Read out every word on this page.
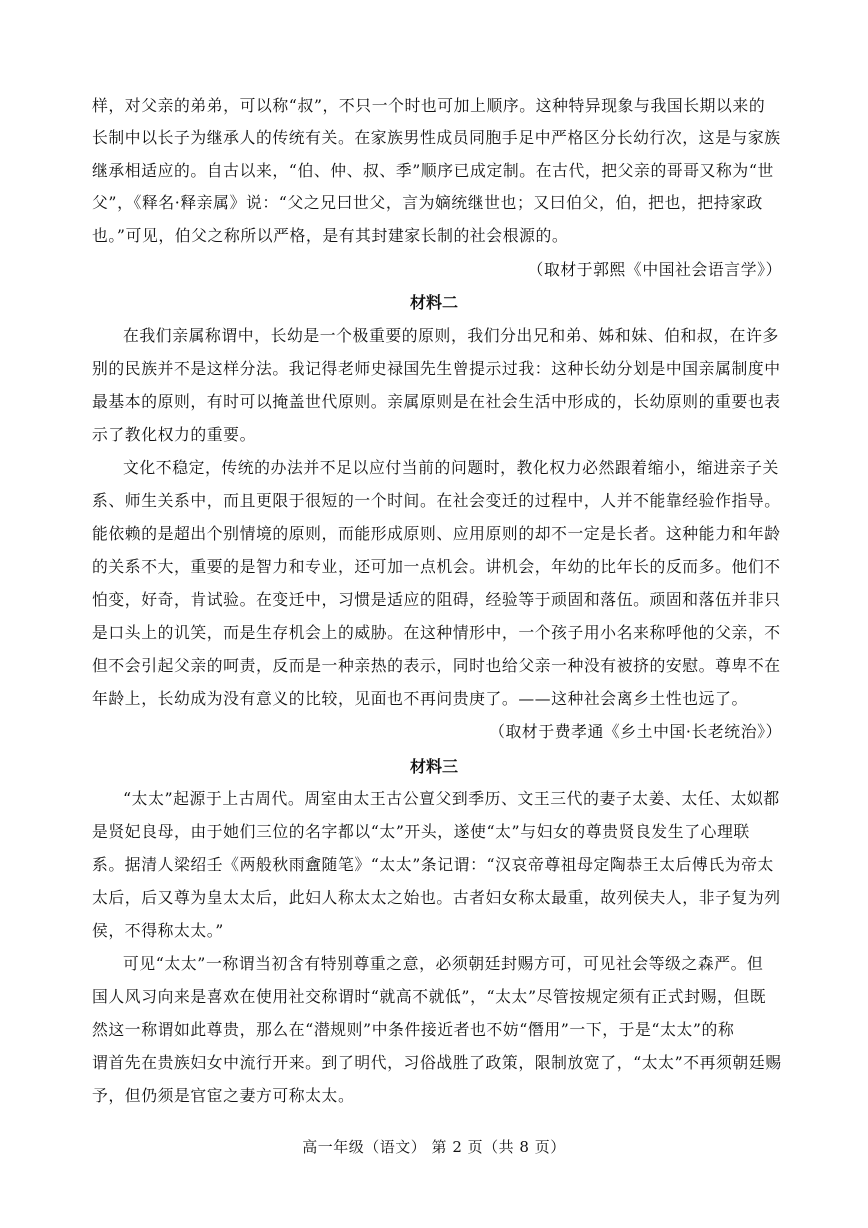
样，对父亲的弟弟，可以称“叔”，不只一个时也可加上顺序。这种特异现象与我国长期以来的
长制中以长子为继承人的传统有关。在家族男性成员同胞手足中严格区分长幼行次，这是与家族
继承相适应的。自古以来，“伯、仲、叔、季”顺序已成定制。在古代，把父亲的哥哥又称为“世
父”，《释名·释亲属》说：“父之兄曰世父，言为嫡统继世也；又曰伯父，伯，把也，把持家政
也。”可见，伯父之称所以严格，是有其封建家长制的社会根源的。
（取材于郭熙《中国社会语言学》）
材料二
在我们亲属称谓中，长幼是一个极重要的原则，我们分出兄和弟、姊和妹、伯和叔，在许多
别的民族并不是这样分法。我记得老师史禄国先生曾提示过我：这种长幼分划是中国亲属制度中
最基本的原则，有时可以掩盖世代原则。亲属原则是在社会生活中形成的，长幼原则的重要也表
示了教化权力的重要。
文化不稳定，传统的办法并不足以应付当前的问题时，教化权力必然跟着缩小，缩进亲子关
系、师生关系中，而且更限于很短的一个时间。在社会变迁的过程中，人并不能靠经验作指导。
能依赖的是超出个别情境的原则，而能形成原则、应用原则的却不一定是长者。这种能力和年龄
的关系不大，重要的是智力和专业，还可加一点机会。讲机会，年幼的比年长的反而多。他们不
怕变，好奇，肯试验。在变迁中，习惯是适应的阻碍，经验等于顽固和落伍。顽固和落伍并非只
是口头上的讥笑，而是生存机会上的威胁。在这种情形中，一个孩子用小名来称呼他的父亲，不
但不会引起父亲的呵责，反而是一种亲热的表示，同时也给父亲一种没有被挤的安慰。尊卑不在
年龄上，长幼成为没有意义的比较，见面也不再问贵庚了。——这种社会离乡土性也远了。
（取材于费孝通《乡土中国·长老统治》）
材料三
“太太”起源于上古周代。周室由太王古公亶父到季历、文王三代的妻子太姜、太任、太姒都
是贤妃良母，由于她们三位的名字都以“太”开头，遂使“太”与妇女的尊贵贤良发生了心理联
系。据清人梁绍壬《两般秋雨盦随笔》“太太”条记谓：“汉哀帝尊祖母定陶恭王太后傅氏为帝太
太后，后又尊为皇太太后，此妇人称太太之始也。古者妇女称太最重，故列侯夫人，非子复为列
侯，不得称太太。”
可见“太太”一称谓当初含有特别尊重之意，必须朝廷封赐方可，可见社会等级之森严。但
国人风习向来是喜欢在使用社交称谓时“就高不就低”，“太太”尽管按规定须有正式封赐，但既
然这一称谓如此尊贵，那么在“潜规则”中条件接近者也不妨“僭用”一下，于是“太太”的称
谓首先在贵族妇女中流行开来。到了明代，习俗战胜了政策，限制放宽了，“太太”不再须朝廷赐
予，但仍须是官宦之妻方可称太太。
高一年级（语文） 第 2 页（共 8 页）
